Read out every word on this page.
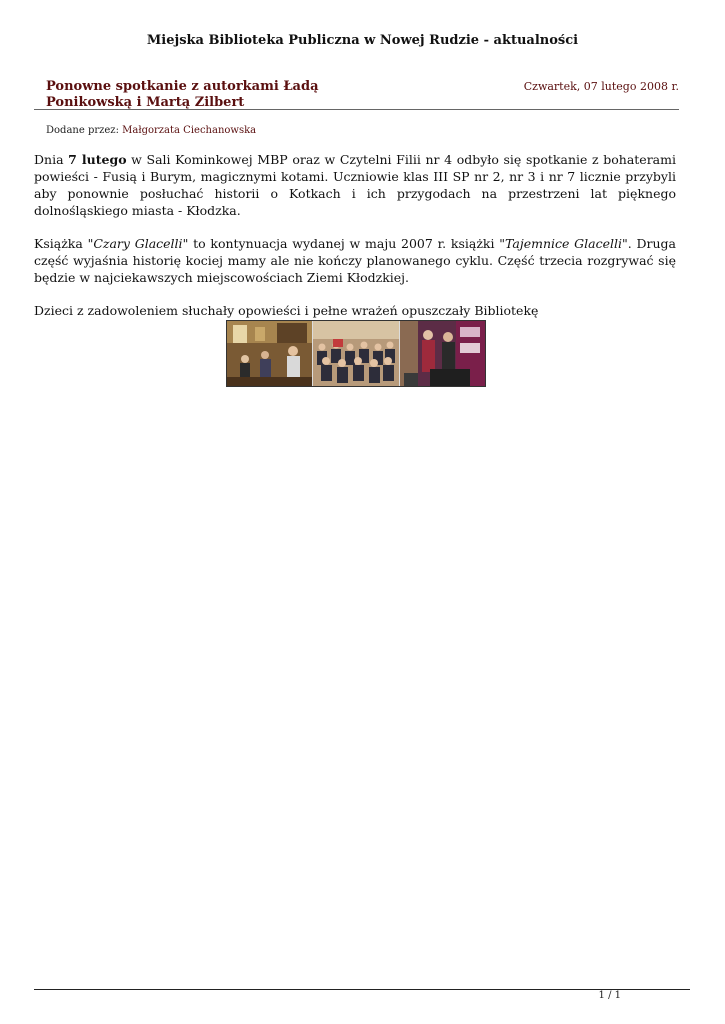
Miejska Biblioteka Publiczna w Nowej Rudzie - aktualności
Ponowne spotkanie z autorkami Ładą Ponikowską i Martą Zilbert
Czwartek, 07 lutego 2008 r.
Dodane przez: Małgorzata Ciechanowska

Dnia 7 lutego w Sali Kominkowej MBP oraz w Czytelni Filii nr 4 odbyło się spotkanie z bohaterami powieści - Fusią i Burym, magicznymi kotami. Uczniowie klas III SP nr 2, nr 3 i nr 7 licznie przybyli aby ponownie posłuchać historii o Kotkach i ich przygodach na przestrzeni lat pięknego dolnośląskiego miasta - Kłodzka.

Książka "Czary Glacelli" to kontynuacja wydanej w maju 2007 r. książki "Tajemnice Glacelli". Druga część wyjaśnia historię kociej mamy ale nie kończy planowanego cyklu. Część trzecia rozgrywać się będzie w najciekawszych miejscowościach Ziemi Kłodzkiej.

Dzieci z zadowoleniem słuchały opowieści i pełne wrażeń opuszczały Bibliotekę

1 / 1
